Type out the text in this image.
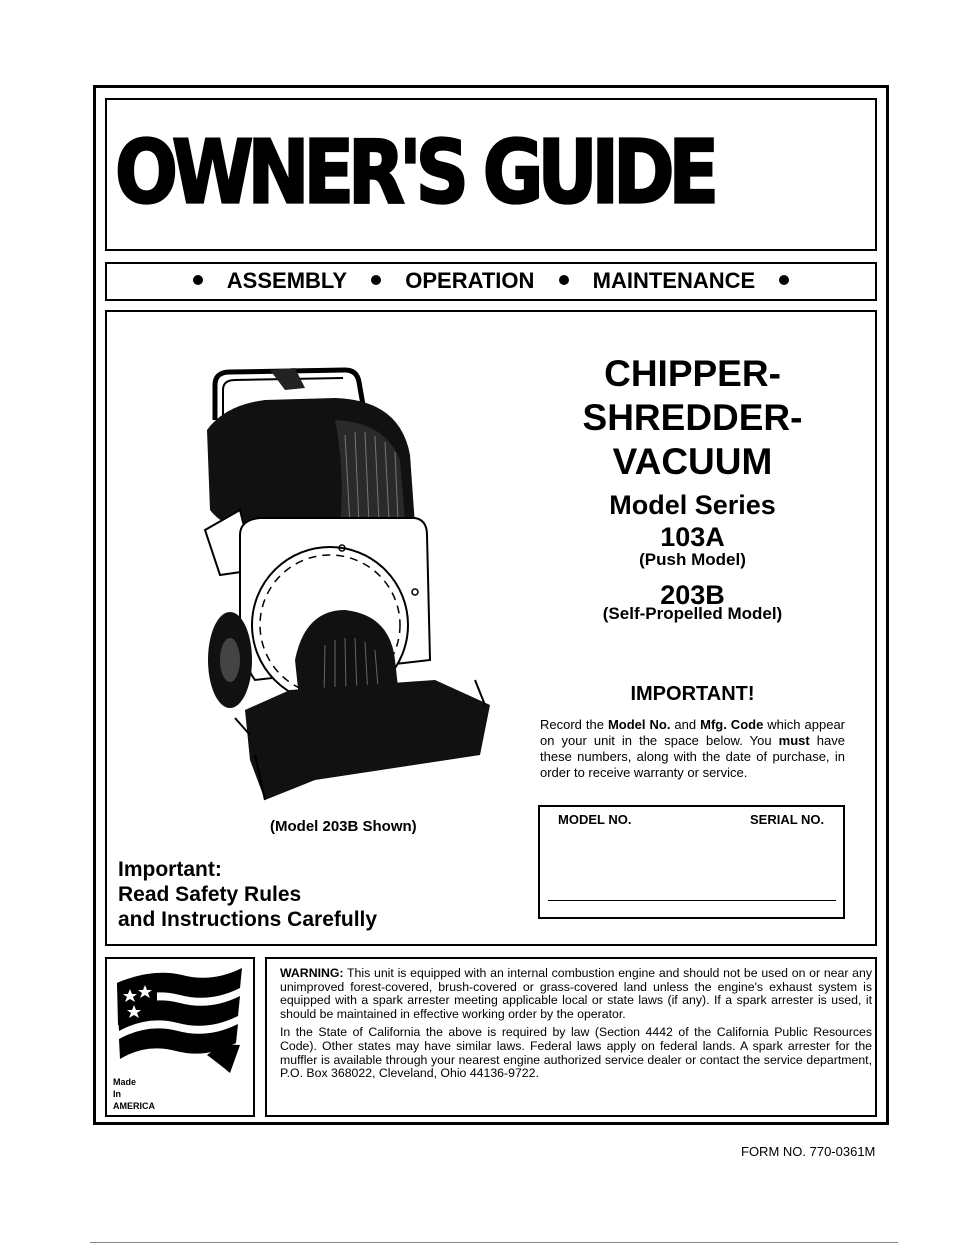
OWNER'S GUIDE
ASSEMBLY	OPERATION	MAINTENANCE
CHIPPER-
SHREDDER-
VACUUM
Model Series
103A
(Push Model)
203B
(Self-Propelled Model)
IMPORTANT!
Record the Model No. and Mfg. Code which appear on your unit in the space below. You must have these numbers, along with the date of purchase, in order to receive warranty or service.
MODEL NO.	SERIAL NO.
(Model 203B Shown)
Important:
Read Safety Rules
and Instructions Carefully
Made
In
AMERICA

WARNING: This unit is equipped with an internal combustion engine and should not be used on or near any unimproved forest-covered, brush-covered or grass-covered land unless the engine's exhaust system is equipped with a spark arrester meeting applicable local or state laws (if any). If a spark arrester is used, it should be maintained in effective working order by the operator.

In the State of California the above is required by law (Section 4442 of the California Public Resources Code). Other states may have similar laws. Federal laws apply on federal lands. A spark arrester for the muffler is available through your nearest engine authorized service dealer or contact the service department, P.O. Box 368022, Cleveland, Ohio 44136-9722.

FORM NO. 770-0361M
